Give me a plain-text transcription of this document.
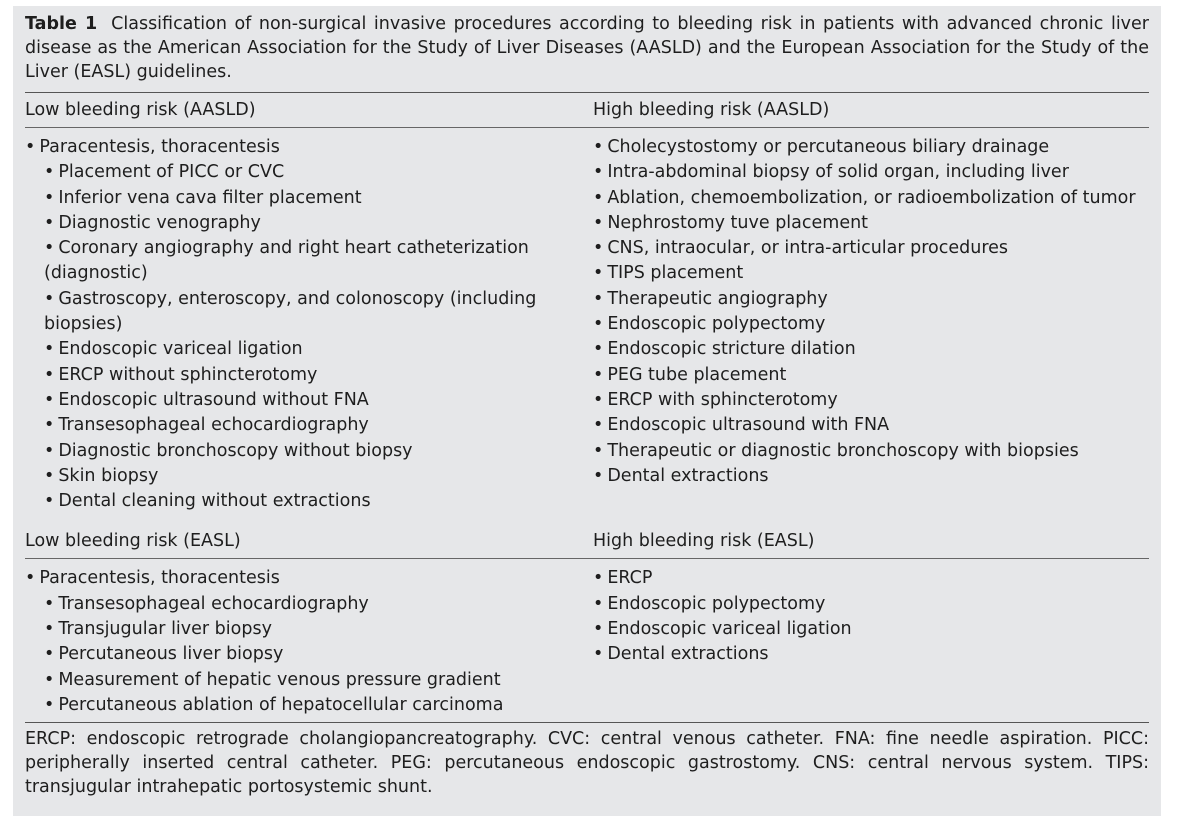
Table 1 Classification of non-surgical invasive procedures according to bleeding risk in patients with advanced chronic liver disease as the American Association for the Study of Liver Diseases (AASLD) and the European Association for the Study of the Liver (EASL) guidelines.

Low bleeding risk (AASLD)	High bleeding risk (AASLD)
• Paracentesis, thoracentesis
• Placement of PICC or CVC
• Inferior vena cava filter placement
• Diagnostic venography
• Coronary angiography and right heart catheterization (diagnostic)
• Gastroscopy, enteroscopy, and colonoscopy (including biopsies)
• Endoscopic variceal ligation
• ERCP without sphincterotomy
• Endoscopic ultrasound without FNA
• Transesophageal echocardiography
• Diagnostic bronchoscopy without biopsy
• Skin biopsy
• Dental cleaning without extractions
• Cholecystostomy or percutaneous biliary drainage
• Intra-abdominal biopsy of solid organ, including liver
• Ablation, chemoembolization, or radioembolization of tumor
• Nephrostomy tuve placement
• CNS, intraocular, or intra-articular procedures
• TIPS placement
• Therapeutic angiography
• Endoscopic polypectomy
• Endoscopic stricture dilation
• PEG tube placement
• ERCP with sphincterotomy
• Endoscopic ultrasound with FNA
• Therapeutic or diagnostic bronchoscopy with biopsies
• Dental extractions
Low bleeding risk (EASL)	High bleeding risk (EASL)
• Paracentesis, thoracentesis
• Transesophageal echocardiography
• Transjugular liver biopsy
• Percutaneous liver biopsy
• Measurement of hepatic venous pressure gradient
• Percutaneous ablation of hepatocellular carcinoma
• ERCP
• Endoscopic polypectomy
• Endoscopic variceal ligation
• Dental extractions

ERCP: endoscopic retrograde cholangiopancreatography. CVC: central venous catheter. FNA: fine needle aspiration. PICC: peripherally inserted central catheter. PEG: percutaneous endoscopic gastrostomy. CNS: central nervous system. TIPS: transjugular intrahepatic portosystemic shunt.
